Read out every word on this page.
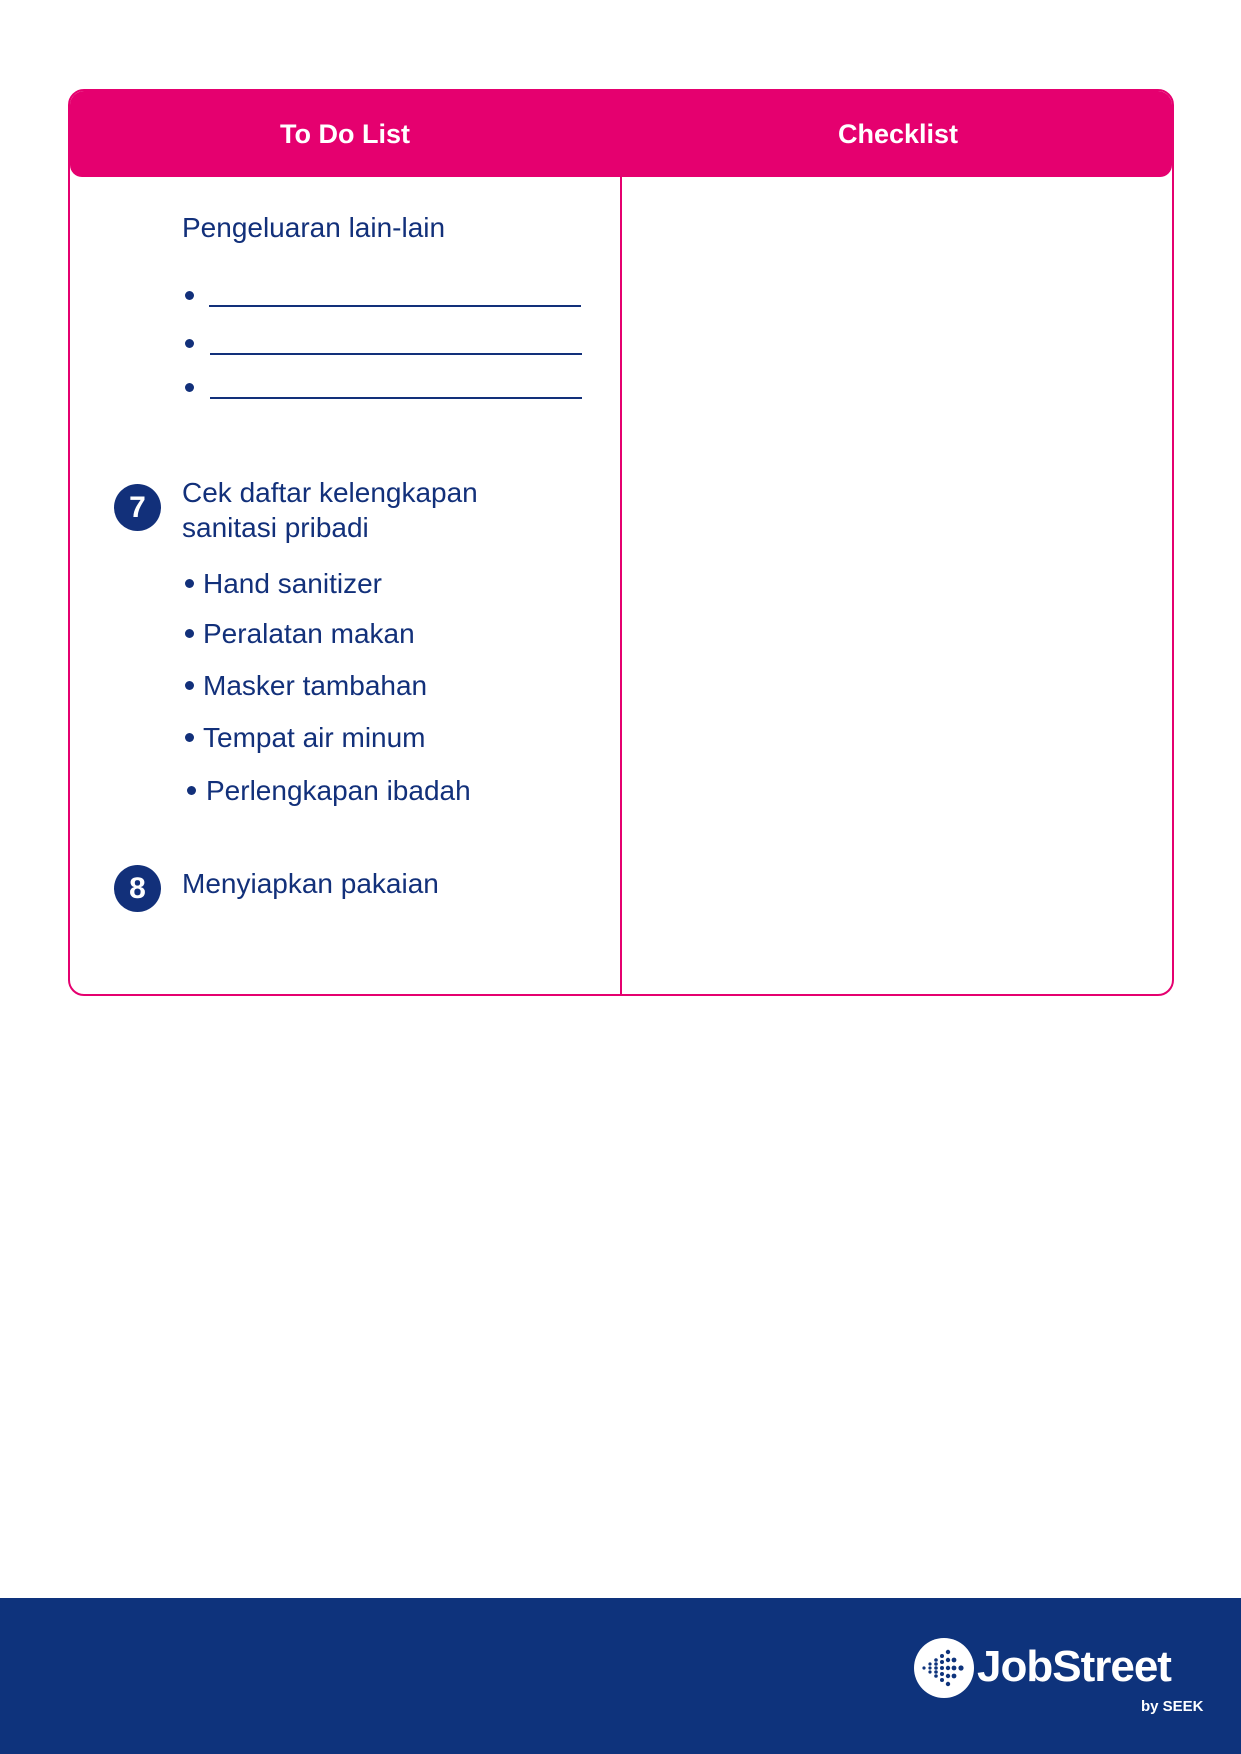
To Do List	Checklist
Pengeluaran lain-lain
7	Cek daftar kelengkapan
sanitasi pribadi
Hand sanitizer
Peralatan makan
Masker tambahan
Tempat air minum
Perlengkapan ibadah
8	Menyiapkan pakaian
JobStreet
by SEEK
